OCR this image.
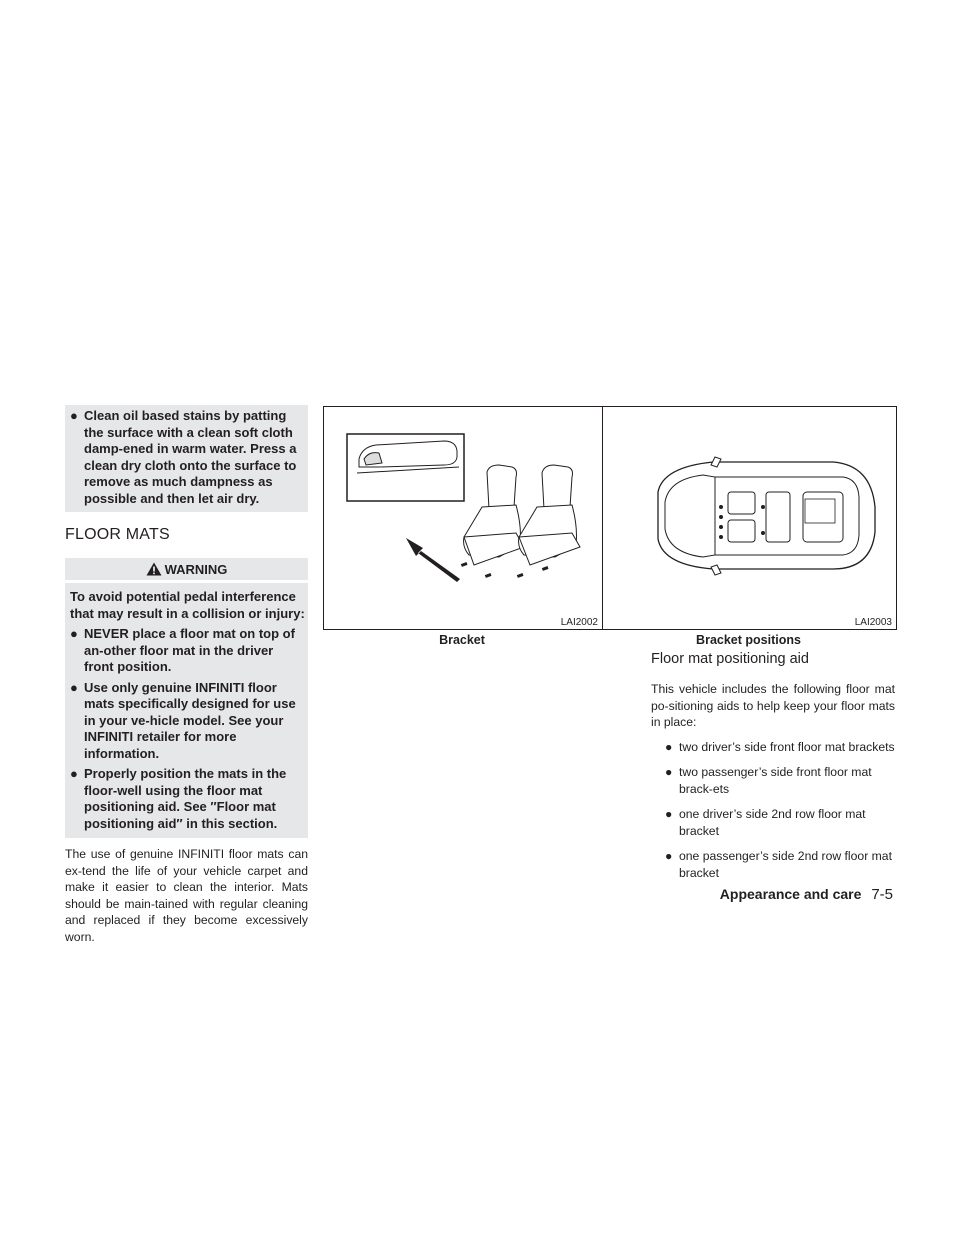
● Clean oil based stains by patting the surface with a clean soft cloth damp-ened in warm water. Press a clean dry cloth onto the surface to remove as much dampness as possible and then let air dry.
FLOOR MATS
WARNING
To avoid potential pedal interference that may result in a collision or injury:
● NEVER place a floor mat on top of an-other floor mat in the driver front position.
● Use only genuine INFINITI floor mats specifically designed for use in your ve-hicle model. See your INFINITI retailer for more information.
● Properly position the mats in the floor-well using the floor mat positioning aid. See ″Floor mat positioning aid″ in this section.
The use of genuine INFINITI floor mats can ex-tend the life of your vehicle carpet and make it easier to clean the interior. Mats should be main-tained with regular cleaning and replaced if they become excessively worn.
LAI2002
Bracket
LAI2003
Bracket positions
Floor mat positioning aid
This vehicle includes the following floor mat po-sitioning aids to help keep your floor mats in place:
● two driver’s side front floor mat brackets
● two passenger’s side front floor mat brack-ets
● one driver’s side 2nd row floor mat bracket
● one passenger’s side 2nd row floor mat bracket
Appearance and care 7-5
